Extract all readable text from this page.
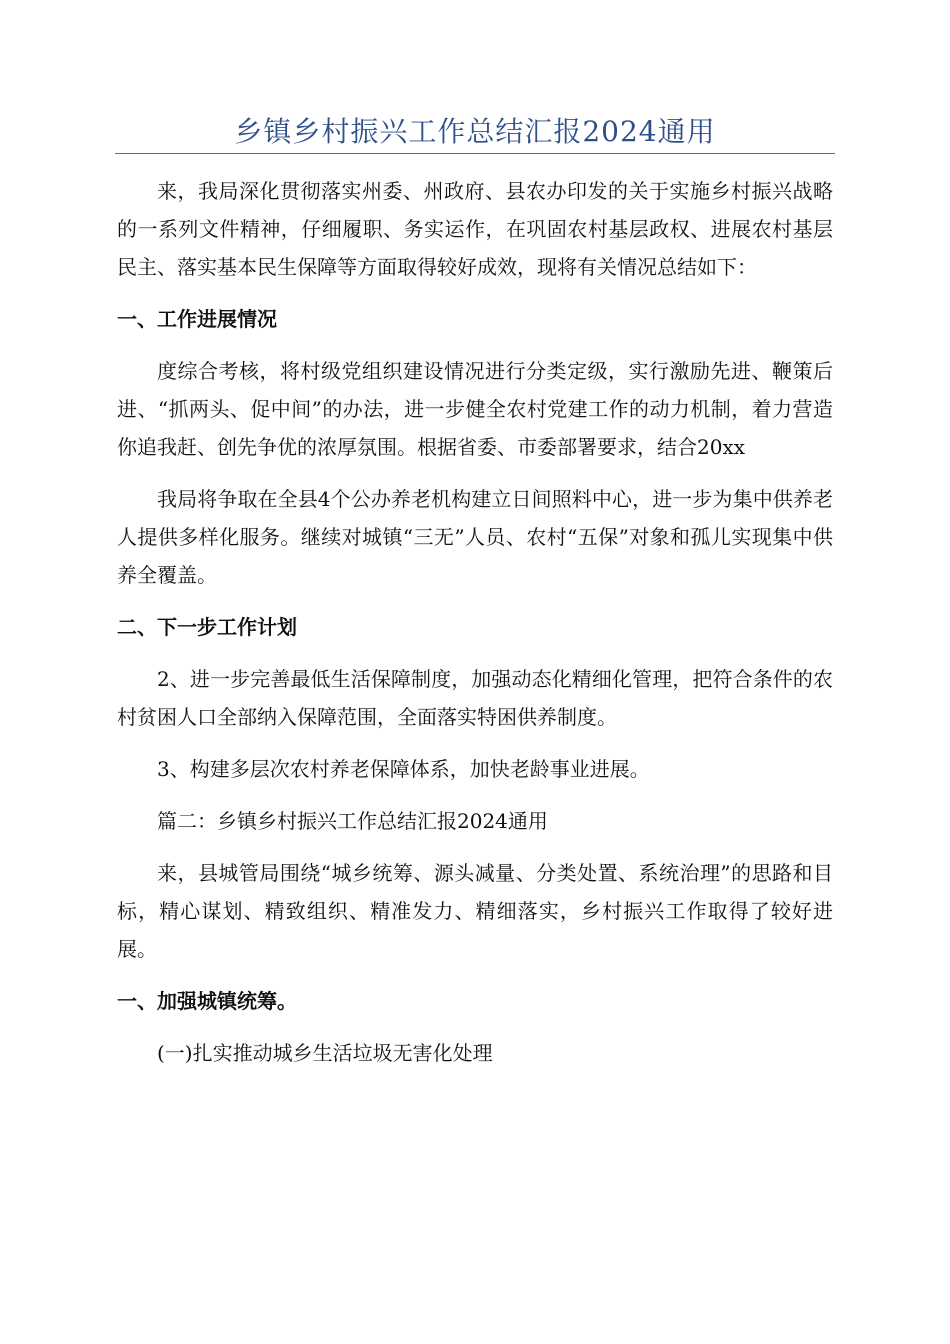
乡镇乡村振兴工作总结汇报2024通用

来，我局深化贯彻落实州委、州政府、县农办印发的关于实施乡村振兴战略的一系列文件精神，仔细履职、务实运作，在巩固农村基层政权、进展农村基层民主、落实基本民生保障等方面取得较好成效，现将有关情况总结如下：

一、工作进展情况

度综合考核，将村级党组织建设情况进行分类定级，实行激励先进、鞭策后进、“抓两头、促中间”的办法，进一步健全农村党建工作的动力机制，着力营造你追我赶、创先争优的浓厚氛围。根据省委、市委部署要求，结合20xx

我局将争取在全县4个公办养老机构建立日间照料中心，进一步为集中供养老人提供多样化服务。继续对城镇“三无”人员、农村“五保”对象和孤儿实现集中供养全覆盖。

二、下一步工作计划

2、进一步完善最低生活保障制度，加强动态化精细化管理，把符合条件的农村贫困人口全部纳入保障范围，全面落实特困供养制度。

3、构建多层次农村养老保障体系，加快老龄事业进展。

篇二：乡镇乡村振兴工作总结汇报2024通用

来，县城管局围绕“城乡统筹、源头减量、分类处置、系统治理”的思路和目标，精心谋划、精致组织、精准发力、精细落实，乡村振兴工作取得了较好进展。

一、加强城镇统筹。

(一)扎实推动城乡生活垃圾无害化处理
